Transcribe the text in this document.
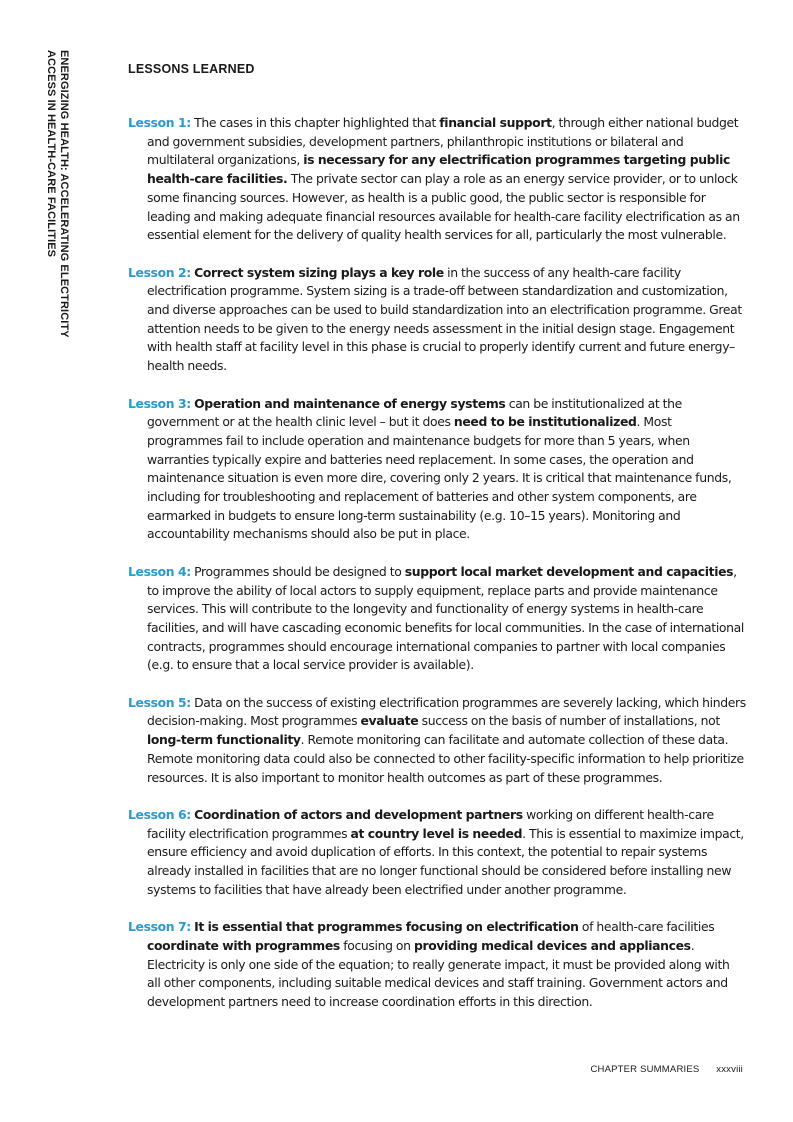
ENERGIZING HEALTH: ACCELERATING ELECTRICITY
ACCESS IN HEALTH-CARE FACILITIES	LESSONS LEARNED

Lesson 1: The cases in this chapter highlighted that financial support, through either national budget and government subsidies, development partners, philanthropic institutions or bilateral and multilateral organizations, is necessary for any electrification programmes targeting public health-care facilities. The private sector can play a role as an energy service provider, or to unlock some financing sources. However, as health is a public good, the public sector is responsible for leading and making adequate financial resources available for health-care facility electrification as an essential element for the delivery of quality health services for all, particularly the most vulnerable.

Lesson 2: Correct system sizing plays a key role in the success of any health-care facility electrification programme. System sizing is a trade-off between standardization and customization, and diverse approaches can be used to build standardization into an electrification programme. Great attention needs to be given to the energy needs assessment in the initial design stage. Engagement with health staff at facility level in this phase is crucial to properly identify current and future energy–health needs.

Lesson 3: Operation and maintenance of energy systems can be institutionalized at the government or at the health clinic level – but it does need to be institutionalized. Most programmes fail to include operation and maintenance budgets for more than 5 years, when warranties typically expire and batteries need replacement. In some cases, the operation and maintenance situation is even more dire, covering only 2 years. It is critical that maintenance funds, including for troubleshooting and replacement of batteries and other system components, are earmarked in budgets to ensure long-term sustainability (e.g. 10–15 years). Monitoring and accountability mechanisms should also be put in place.

Lesson 4: Programmes should be designed to support local market development and capacities, to improve the ability of local actors to supply equipment, replace parts and provide maintenance services. This will contribute to the longevity and functionality of energy systems in health-care facilities, and will have cascading economic benefits for local communities. In the case of international contracts, programmes should encourage international companies to partner with local companies (e.g. to ensure that a local service provider is available).

Lesson 5: Data on the success of existing electrification programmes are severely lacking, which hinders decision-making. Most programmes evaluate success on the basis of number of installations, not long-term functionality. Remote monitoring can facilitate and automate collection of these data. Remote monitoring data could also be connected to other facility-specific information to help prioritize resources. It is also important to monitor health outcomes as part of these programmes.

Lesson 6: Coordination of actors and development partners working on different health-care facility electrification programmes at country level is needed. This is essential to maximize impact, ensure efficiency and avoid duplication of efforts. In this context, the potential to repair systems already installed in facilities that are no longer functional should be considered before installing new systems to facilities that have already been electrified under another programme.

Lesson 7: It is essential that programmes focusing on electrification of health-care facilities coordinate with programmes focusing on providing medical devices and appliances. Electricity is only one side of the equation; to really generate impact, it must be provided along with all other components, including suitable medical devices and staff training. Government actors and development partners need to increase coordination efforts in this direction.

CHAPTER SUMMARIES xxxviii
